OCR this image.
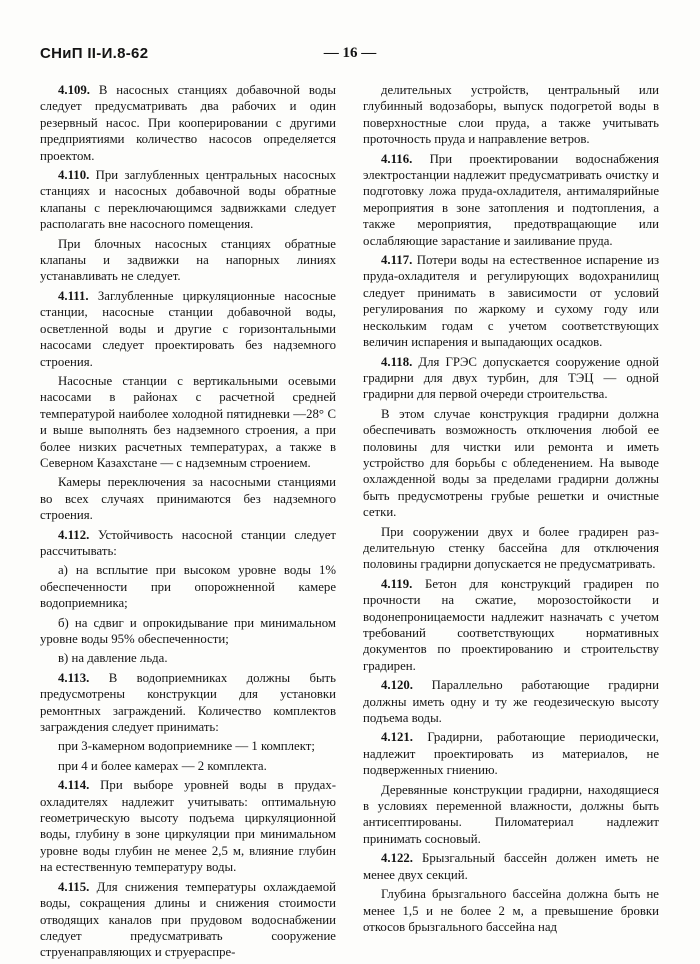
СНиП II-И.8-62	— 16 —

4.109. В насосных станциях добавочной воды следует предусматривать два рабочих и один резервный насос. При кооперировании с другими предприятиями количество насосов определяется проектом.

4.110. При заглубленных центральных насосных станциях и насосных добавочной воды обратные клапаны с переключающимся задвижками следует располагать вне насосного помещения.

При блочных насосных станциях обратные клапаны и задвижки на напорных линиях устанавливать не следует.

4.111. Заглубленные циркуляционные насосные станции, насосные станции добавочной воды, осветленной воды и другие с горизонтальными насосами следует проектировать без надземного строения.

Насосные станции с вертикальными осевыми насосами в районах с расчетной средней температурой наиболее холодной пятидневки —28° С и выше выполнять без надземного строения, а при более низких расчетных температурах, а также в Северном Казахстане — с надземным строением.

Камеры переключения за насосными станциями во всех случаях принимаются без надземного строения.

4.112. Устойчивость насосной станции следует рассчитывать:

а) на всплытие при высоком уровне воды 1% обеспеченности при опорожненной камере водоприемника;

б) на сдвиг и опрокидывание при минимальном уровне воды 95% обеспеченности;

в) на давление льда.

4.113. В водоприемниках должны быть предусмотрены конструкции для установки ремонтных заграждений. Количество комплектов заграждения следует принимать:

при 3-камерном водоприемнике — 1 комплект;

при 4 и более камерах — 2 комплекта.

4.114. При выборе уровней воды в прудах-охладителях надлежит учитывать: оптимальную геометрическую высоту подъема циркуляционной воды, глубину в зоне циркуляции при минимальном уровне воды глубин не менее 2,5 м, влияние глубин на естественную температуру воды.

4.115. Для снижения температуры охлаждаемой воды, сокращения длины и снижения стоимости отводящих каналов при прудовом водоснабжении следует предусматривать сооружение струенаправляющих и струераспре-

делительных устройств, центральный или глубинный водозаборы, выпуск подогретой воды в поверхностные слои пруда, а также учитывать проточность пруда и направление ветров.

4.116. При проектировании водоснабжения электростанции надлежит предусматривать очистку и подготовку ложа пруда-охладителя, антималярийные мероприятия в зоне затопления и подтопления, а также мероприятия, предотвращающие или ослабляющие зарастание и заиливание пруда.

4.117. Потери воды на естественное испарение из пруда-охладителя и регулирующих водохранилищ следует принимать в зависимости от условий регулирования по жаркому и сухому году или нескольким годам с учетом соответствующих величин испарения и выпадающих осадков.

4.118. Для ГРЭС допускается сооружение одной градирни для двух турбин, для ТЭЦ — одной градирни для первой очереди строительства.

В этом случае конструкция градирни должна обеспечивать возможность отключения любой ее половины для чистки или ремонта и иметь устройство для борьбы с обледенением. На выводе охлажденной воды за пределами градирни должны быть предусмотрены грубые решетки и очистные сетки.

При сооружении двух и более градирен раз-делительную стенку бассейна для отключения половины градирни допускается не предусматривать.

4.119. Бетон для конструкций градирен по прочности на сжатие, морозостойкости и водонепроницаемости надлежит назначать с учетом требований соответствующих нормативных документов по проектированию и строительству градирен.

4.120. Параллельно работающие градирни должны иметь одну и ту же геодезическую высоту подъема воды.

4.121. Градирни, работающие периодически, надлежит проектировать из материалов, не подверженных гниению.

Деревянные конструкции градирни, находящиеся в условиях переменной влажности, должны быть антисептированы. Пиломатериал надлежит принимать сосновый.

4.122. Брызгальный бассейн должен иметь не менее двух секций.

Глубина брызгального бассейна должна быть не менее 1,5 и не более 2 м, а превышение бровки откосов брызгального бассейна над
